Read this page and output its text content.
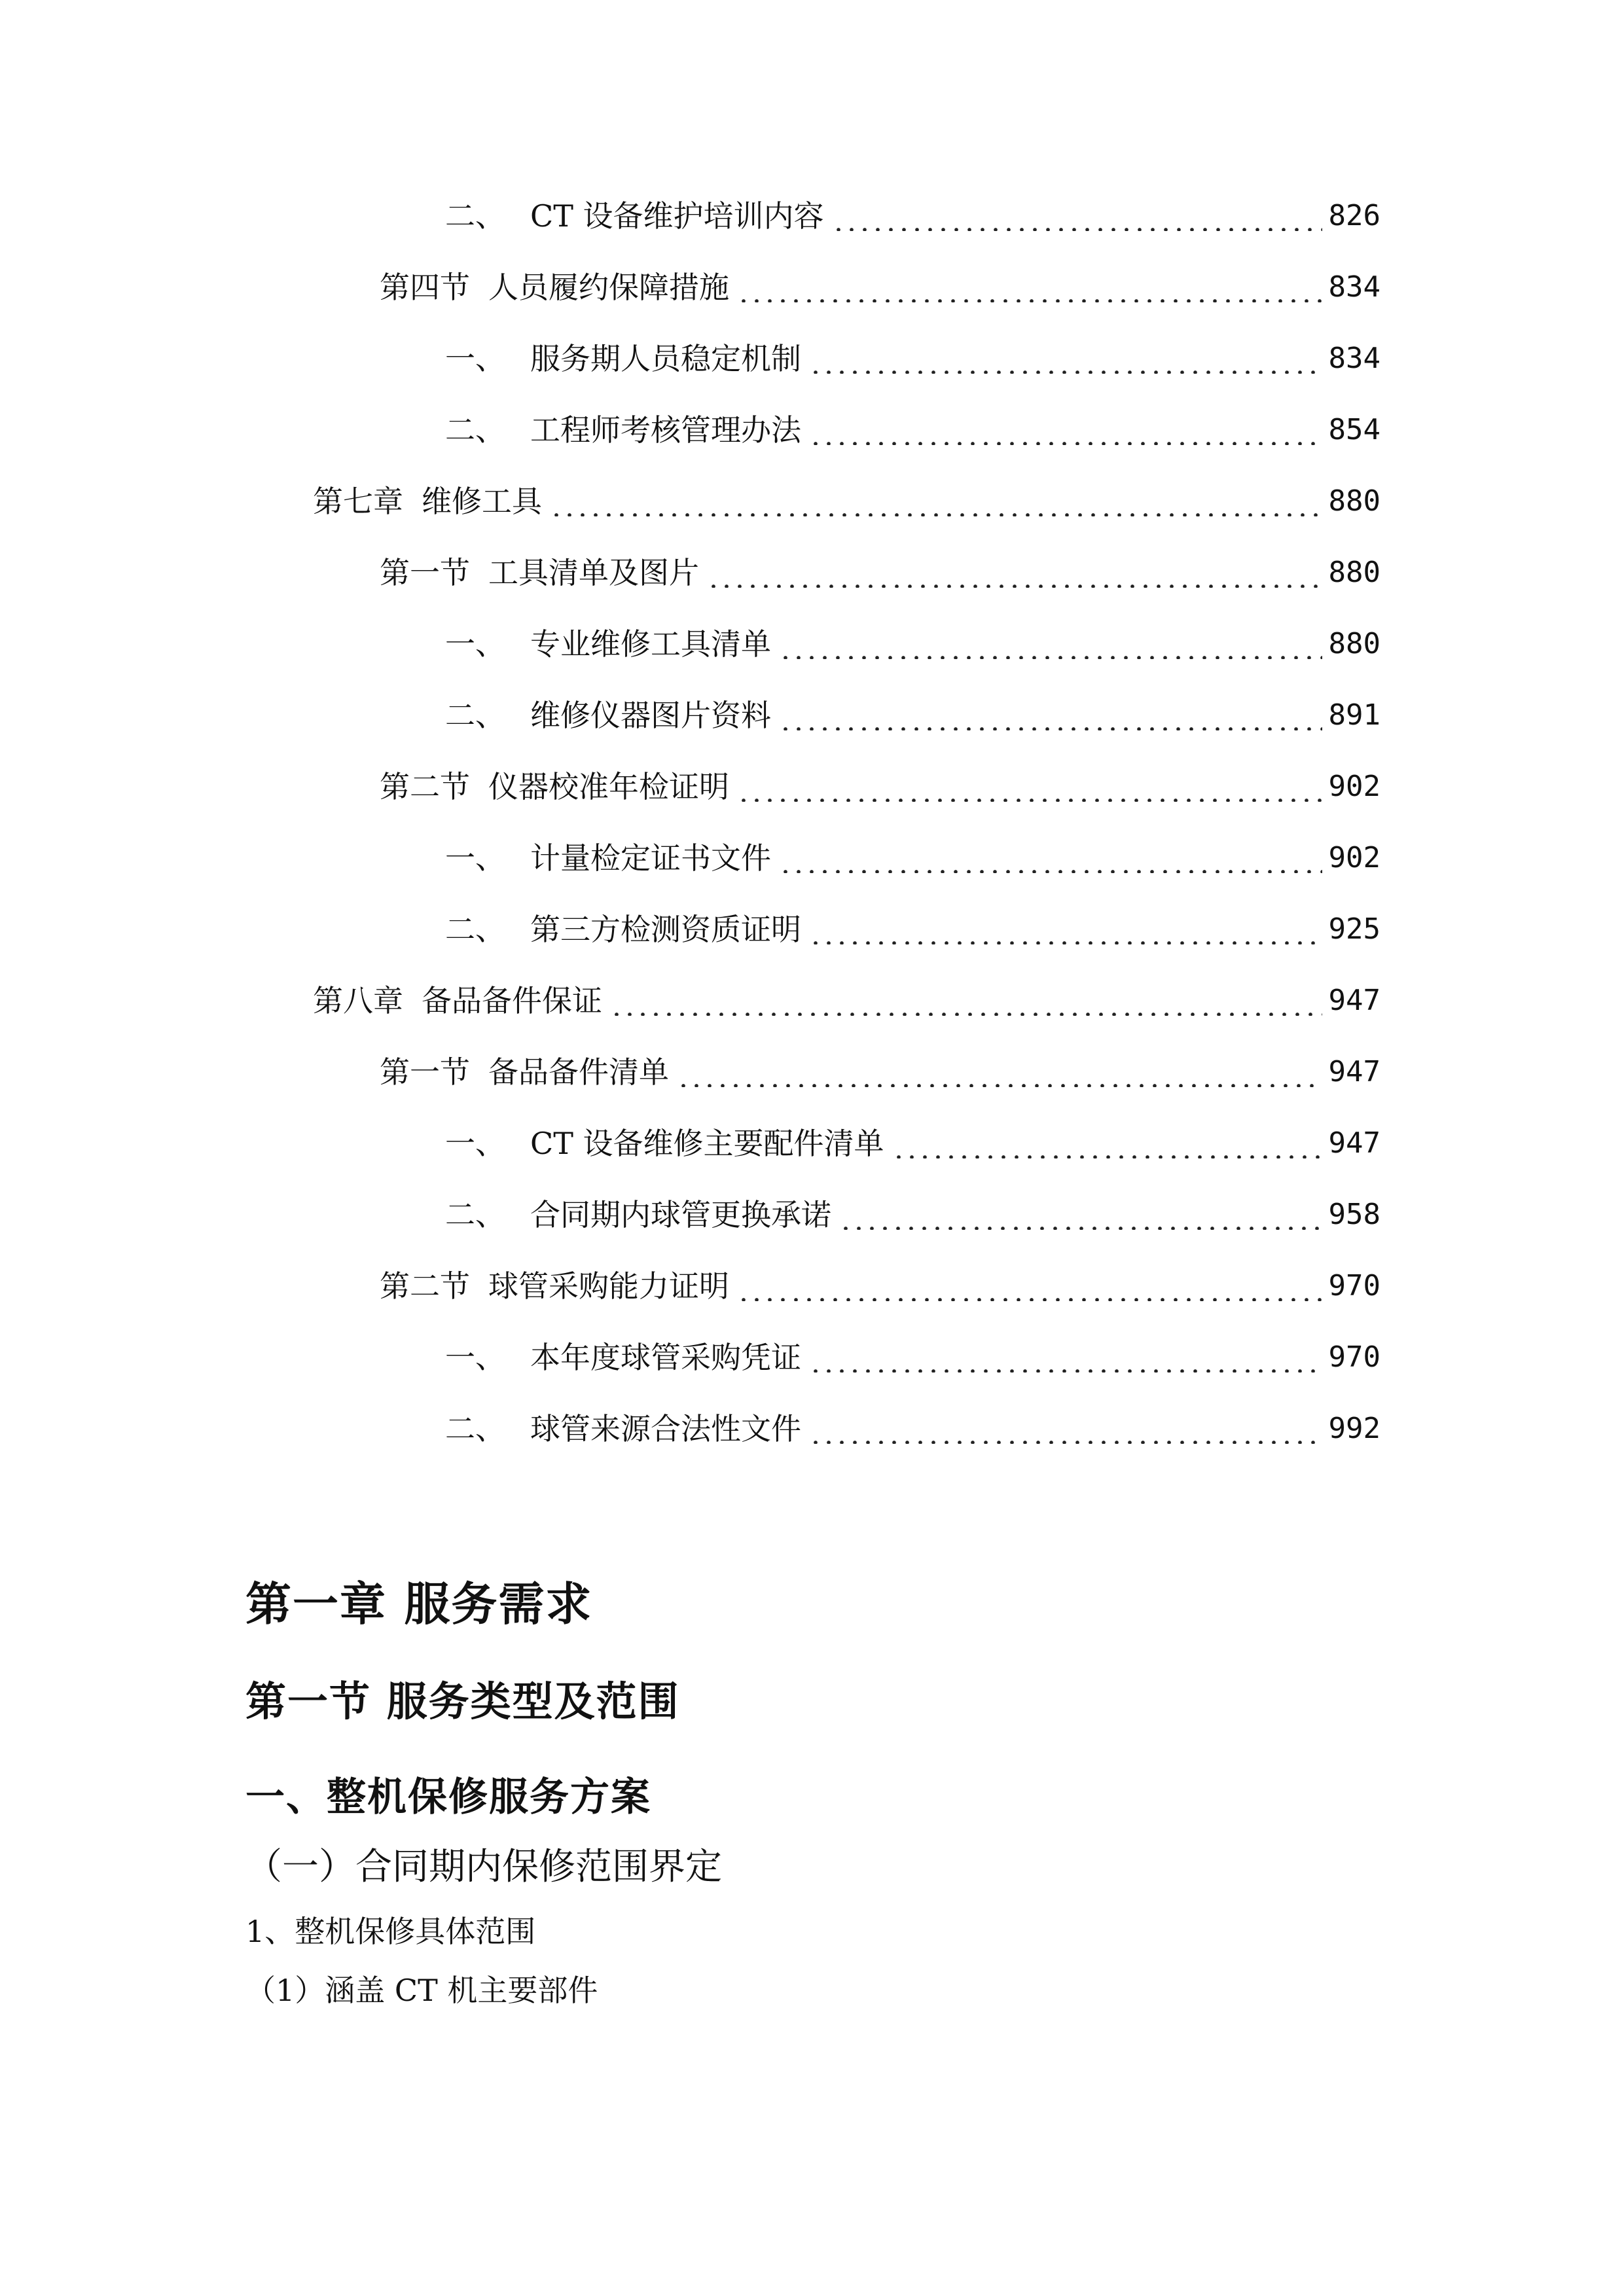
二、 CT 设备维护培训内容	826
第四节 人员履约保障措施	834
一、 服务期人员稳定机制	834
二、 工程师考核管理办法	854
第七章 维修工具	880
第一节 工具清单及图片	880
一、 专业维修工具清单	880
二、 维修仪器图片资料	891
第二节 仪器校准年检证明	902
一、 计量检定证书文件	902
二、 第三方检测资质证明	925
第八章 备品备件保证	947
第一节 备品备件清单	947
一、 CT 设备维修主要配件清单	947
二、 合同期内球管更换承诺	958
第二节 球管采购能力证明	970
一、 本年度球管采购凭证	970
二、 球管来源合法性文件	992
第一章 服务需求
第一节 服务类型及范围
一、整机保修服务方案
（一）合同期内保修范围界定
1、整机保修具体范围
（1）涵盖 CT 机主要部件
